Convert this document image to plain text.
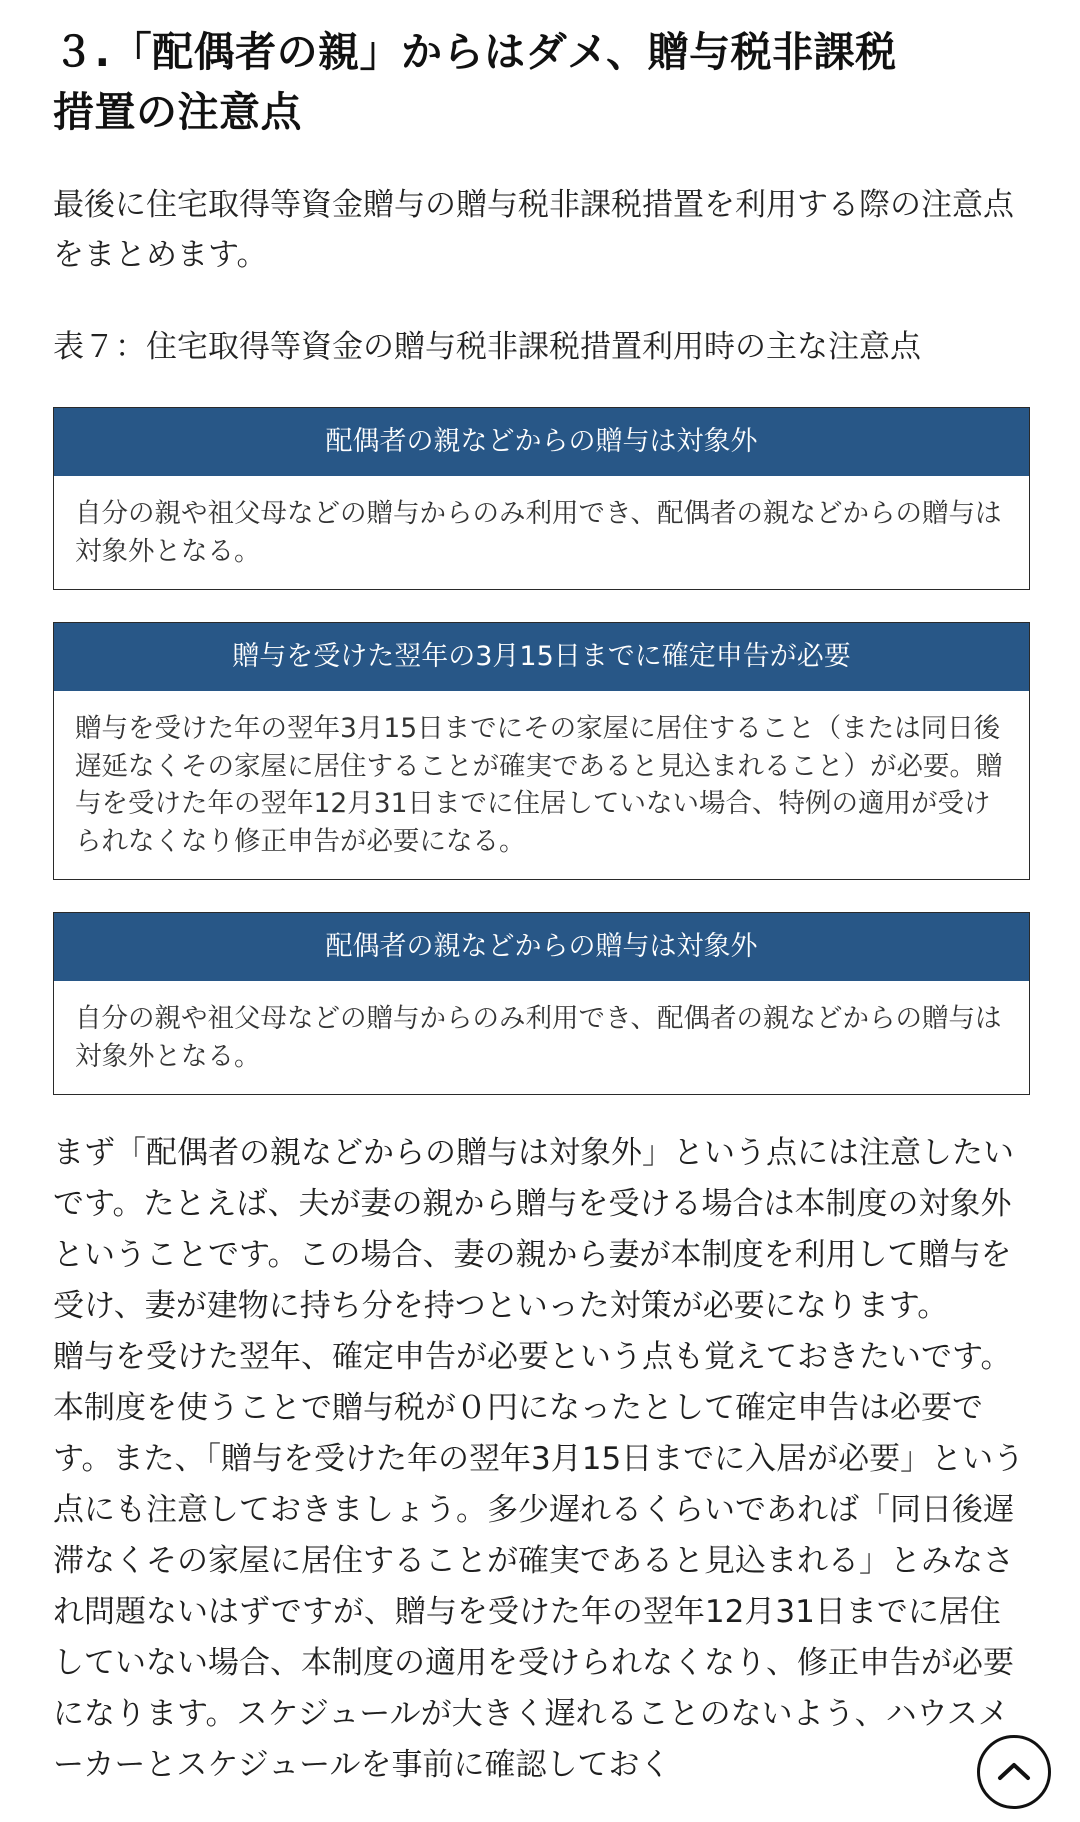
３.「配偶者の親」からはダメ、贈与税非課税
措置の注意点

最後に住宅取得等資金贈与の贈与税非課税措置を利用する際の注意点をまとめます。

表７：住宅取得等資金の贈与税非課税措置利用時の主な注意点

配偶者の親などからの贈与は対象外
自分の親や祖父母などの贈与からのみ利用でき、配偶者の親などからの贈与は対象外となる。
贈与を受けた翌年の3月15日までに確定申告が必要
贈与を受けた年の翌年3月15日までにその家屋に居住すること（または同日後遅延なくその家屋に居住することが確実であると見込まれること）が必要。贈与を受けた年の翌年12月31日までに住居していない場合、特例の適用が受けられなくなり修正申告が必要になる。
配偶者の親などからの贈与は対象外
自分の親や祖父母などの贈与からのみ利用でき、配偶者の親などからの贈与は対象外となる。

まず「配偶者の親などからの贈与は対象外」という点には注意したいです。たとえば、夫が妻の親から贈与を受ける場合は本制度の対象外ということです。この場合、妻の親から妻が本制度を利用して贈与を受け、妻が建物に持ち分を持つといった対策が必要になります。

贈与を受けた翌年、確定申告が必要という点も覚えておきたいです。本制度を使うことで贈与税が０円になったとして確定申告は必要です。また、「贈与を受けた年の翌年3月15日までに入居が必要」という点にも注意しておきましょう。多少遅れるくらいであれば「同日後遅滞なくその家屋に居住することが確実であると見込まれる」とみなされ問題ないはずですが、贈与を受けた年の翌年12月31日までに居住していない場合、本制度の適用を受けられなくなり、修正申告が必要になります。スケジュールが大きく遅れることのないよう、ハウスメーカーとスケジュールを事前に確認しておく
